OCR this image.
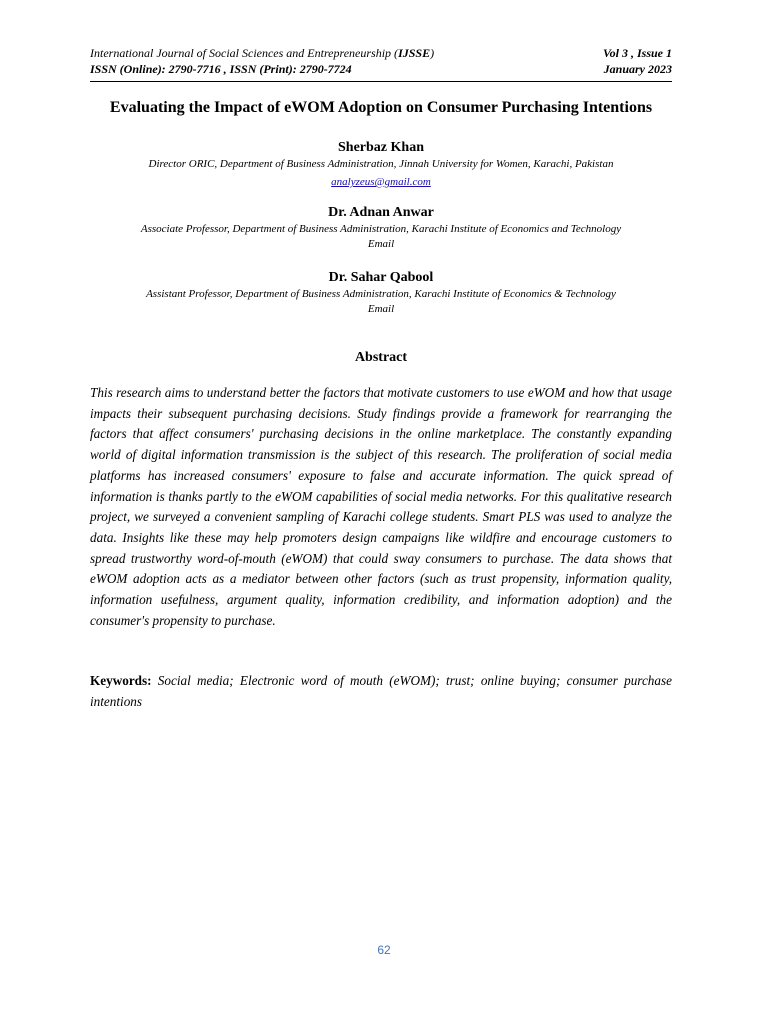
International Journal of Social Sciences and Entrepreneurship (IJSSE)	Vol 3 , Issue 1
ISSN (Online): 2790-7716 , ISSN (Print): 2790-7724	January 2023
Evaluating the Impact of eWOM Adoption on Consumer Purchasing Intentions
Sherbaz Khan
Director ORIC, Department of Business Administration, Jinnah University for Women, Karachi, Pakistan
analyzeus@gmail.com
Dr. Adnan Anwar
Associate Professor, Department of Business Administration, Karachi Institute of Economics and Technology
Email
Dr. Sahar Qabool
Assistant Professor, Department of Business Administration, Karachi Institute of Economics & Technology
Email
Abstract
This research aims to understand better the factors that motivate customers to use eWOM and how that usage impacts their subsequent purchasing decisions. Study findings provide a framework for rearranging the factors that affect consumers' purchasing decisions in the online marketplace. The constantly expanding world of digital information transmission is the subject of this research. The proliferation of social media platforms has increased consumers' exposure to false and accurate information. The quick spread of information is thanks partly to the eWOM capabilities of social media networks. For this qualitative research project, we surveyed a convenient sampling of Karachi college students. Smart PLS was used to analyze the data. Insights like these may help promoters design campaigns like wildfire and encourage customers to spread trustworthy word-of-mouth (eWOM) that could sway consumers to purchase. The data shows that eWOM adoption acts as a mediator between other factors (such as trust propensity, information quality, information usefulness, argument quality, information credibility, and information adoption) and the consumer's propensity to purchase.
Keywords: Social media; Electronic word of mouth (eWOM); trust; online buying; consumer purchase intentions
62
